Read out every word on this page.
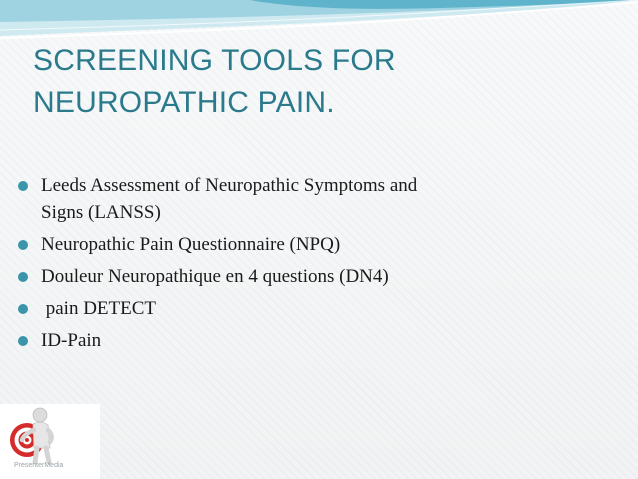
SCREENING TOOLS FOR
NEUROPATHIC PAIN.
Leeds Assessment of Neuropathic Symptoms and
Signs (LANSS)
Neuropathic Pain Questionnaire (NPQ)
Douleur Neuropathique en 4 questions (DN4)
pain DETECT
ID-Pain
PresenterMedia
